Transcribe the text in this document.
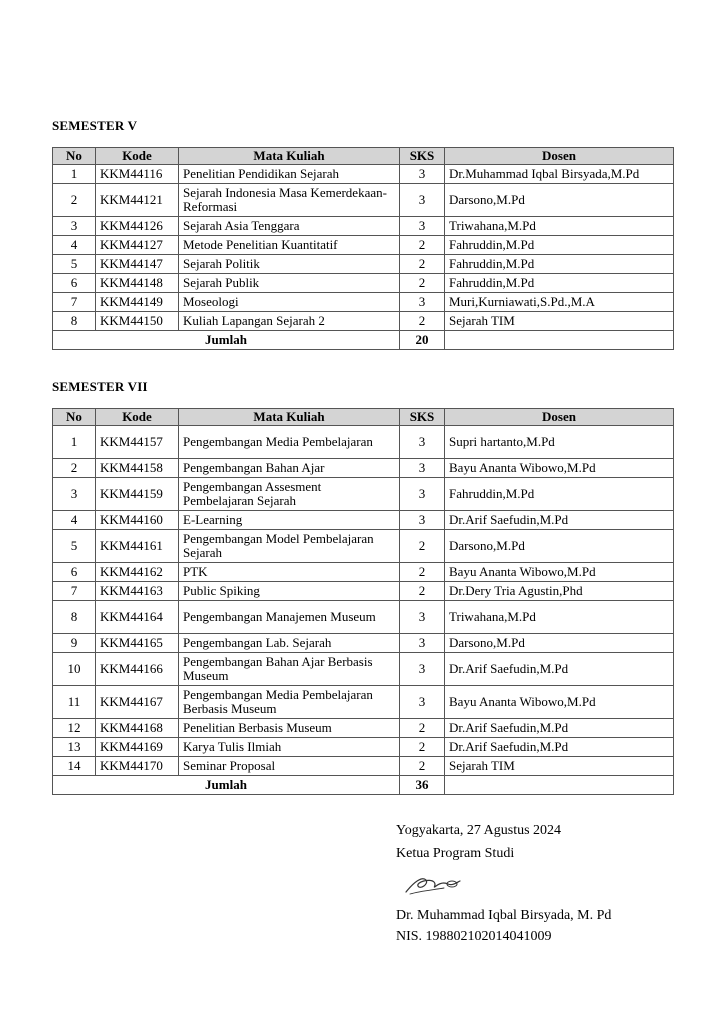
SEMESTER V
No	Kode	Mata Kuliah	SKS	Dosen
1	KKM44116	Penelitian Pendidikan Sejarah	3	Dr.Muhammad Iqbal Birsyada,M.Pd
2	KKM44121	Sejarah Indonesia Masa Kemerdekaan-Reformasi	3	Darsono,M.Pd
3	KKM44126	Sejarah Asia Tenggara	3	Triwahana,M.Pd
4	KKM44127	Metode Penelitian Kuantitatif	2	Fahruddin,M.Pd
5	KKM44147	Sejarah Politik	2	Fahruddin,M.Pd
6	KKM44148	Sejarah Publik	2	Fahruddin,M.Pd
7	KKM44149	Moseologi	3	Muri,Kurniawati,S.Pd.,M.A
8	KKM44150	Kuliah Lapangan Sejarah 2	2	Sejarah TIM
Jumlah			20	
SEMESTER VII
No	Kode	Mata Kuliah	SKS	Dosen
1	KKM44157	Pengembangan Media Pembelajaran	3	Supri hartanto,M.Pd
2	KKM44158	Pengembangan Bahan Ajar	3	Bayu Ananta Wibowo,M.Pd
3	KKM44159	Pengembangan Assesment Pembelajaran Sejarah	3	Fahruddin,M.Pd
4	KKM44160	E-Learning	3	Dr.Arif Saefudin,M.Pd
5	KKM44161	Pengembangan Model Pembelajaran Sejarah	2	Darsono,M.Pd
6	KKM44162	PTK	2	Bayu Ananta Wibowo,M.Pd
7	KKM44163	Public Spiking	2	Dr.Dery Tria Agustin,Phd
8	KKM44164	Pengembangan Manajemen Museum	3	Triwahana,M.Pd
9	KKM44165	Pengembangan Lab. Sejarah	3	Darsono,M.Pd
10	KKM44166	Pengembangan Bahan Ajar Berbasis Museum	3	Dr.Arif Saefudin,M.Pd
11	KKM44167	Pengembangan Media Pembelajaran Berbasis Museum	3	Bayu Ananta Wibowo,M.Pd
12	KKM44168	Penelitian Berbasis Museum	2	Dr.Arif Saefudin,M.Pd
13	KKM44169	Karya Tulis Ilmiah	2	Dr.Arif Saefudin,M.Pd
14	KKM44170	Seminar Proposal	2	Sejarah TIM
Jumlah			36	
Yogyakarta, 27 Agustus 2024
Ketua Program Studi
Dr. Muhammad Iqbal Birsyada, M. Pd
NIS. 198802102014041009
